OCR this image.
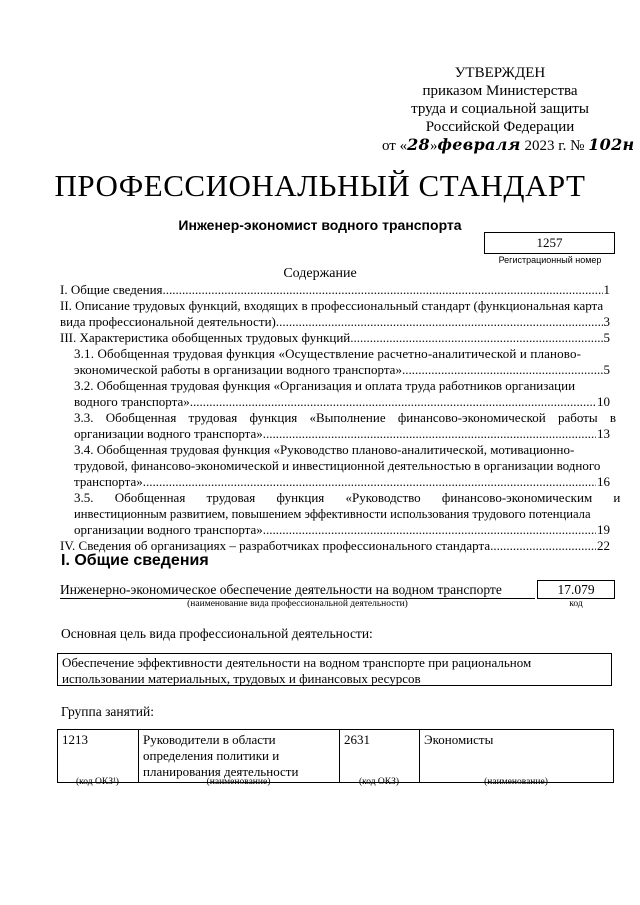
УТВЕРЖДЕН
приказом Министерства
труда и социальной защиты
Российской Федерации
от «28»февраля 2023 г. № 102н
ПРОФЕССИОНАЛЬНЫЙ СТАНДАРТ
Инженер-экономист водного транспорта
1257
Регистрационный номер
Содержание
I. Общие сведения .....	1
II. Описание трудовых функций, входящих в профессиональный стандарт (функциональная карта
вида профессиональной деятельности) .....	3
III. Характеристика обобщенных трудовых функций .....	5
3.1. Обобщенная трудовая функция «Осуществление расчетно-аналитической и планово-
экономической работы в организации водного транспорта» .....	5
3.2. Обобщенная трудовая функция «Организация и оплата труда работников организации
водного транспорта» .....	10
3.3. Обобщенная трудовая функция «Выполнение финансово-экономической работы в
организации водного транспорта» .....	13
3.4. Обобщенная трудовая функция «Руководство планово-аналитической, мотивационно-
трудовой, финансово-экономической и инвестиционной деятельностью в организации водного
транспорта» .....	16
3.5. Обобщенная трудовая функция «Руководство финансово-экономическим и
инвестиционным развитием, повышением эффективности использования трудового потенциала
организации водного транспорта» .....	19
IV. Сведения об организациях – разработчиках профессионального стандарта .....	22
I. Общие сведения
Инженерно-экономическое обеспечение деятельности на водном транспорте
(наименование вида профессиональной деятельности)
17.079
код
Основная цель вида профессиональной деятельности:
Обеспечение эффективности деятельности на водном транспорте при рациональном использовании материальных, трудовых и финансовых ресурсов
Группа занятий:
1213	Руководители в области определения политики и планирования деятельности	2631	Экономисты
(код ОКЗ¹)	(наименование)	(код ОКЗ)	(наименование)
